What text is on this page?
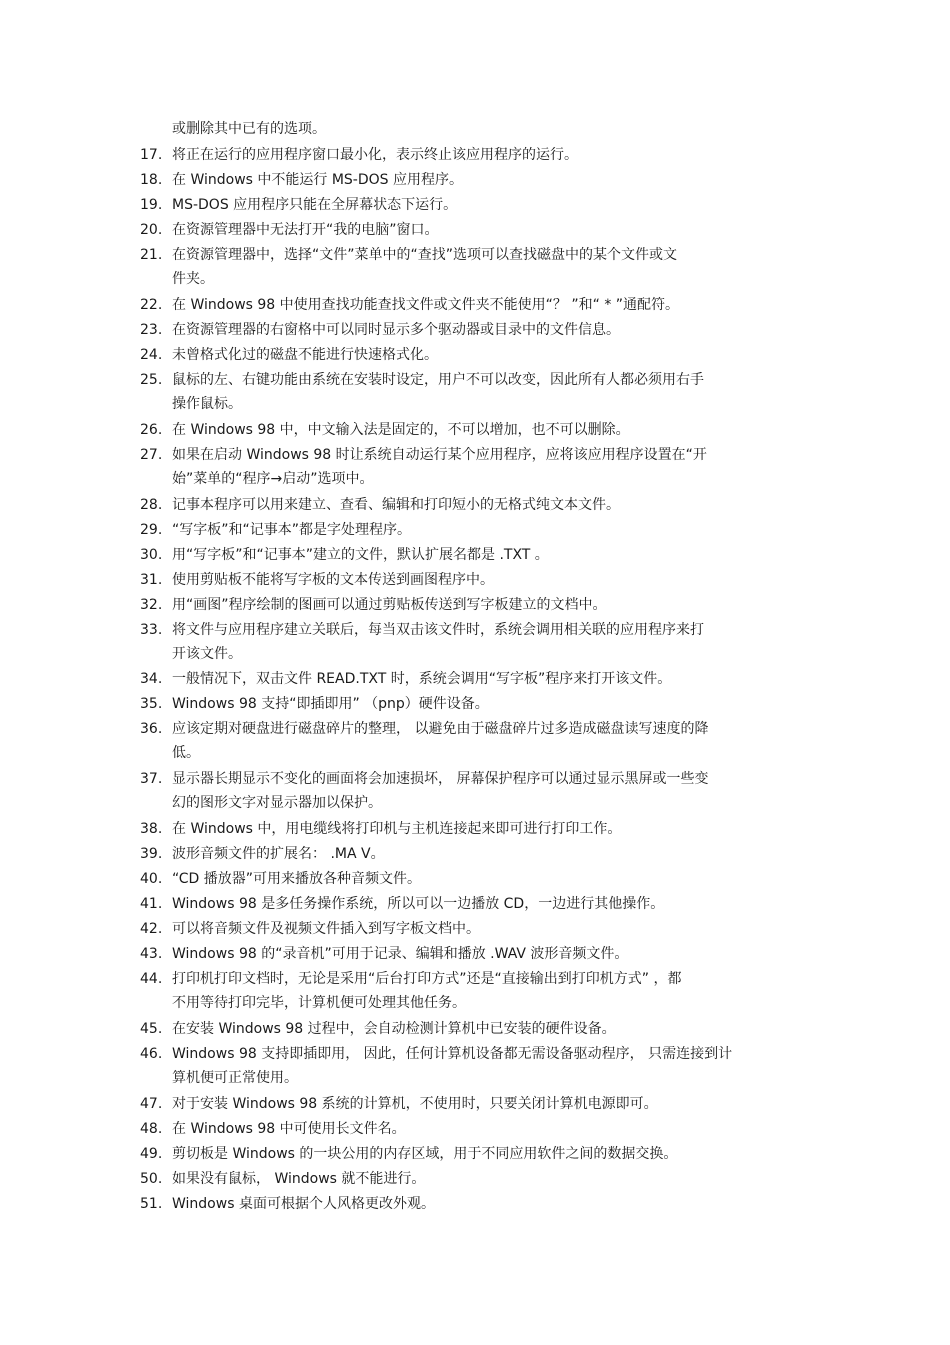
或删除其中已有的选项。
17. 将正在运行的应用程序窗口最小化，表示终止该应用程序的运行。
18. 在 Windows 中不能运行 MS-DOS 应用程序。
19. MS-DOS 应用程序只能在全屏幕状态下运行。
20. 在资源管理器中无法打开“我的电脑”窗口。
21. 在资源管理器中，选择“文件”菜单中的“查找”选项可以查找磁盘中的某个文件或文
件夹。
22. 在 Windows 98 中使用查找功能查找文件或文件夹不能使用“？ ”和“ * ”通配符。
23. 在资源管理器的右窗格中可以同时显示多个驱动器或目录中的文件信息。
24. 未曾格式化过的磁盘不能进行快速格式化。
25. 鼠标的左、右键功能由系统在安装时设定，用户不可以改变，因此所有人都必须用右手
操作鼠标。
26. 在 Windows 98 中，中文输入法是固定的，不可以增加，也不可以删除。
27. 如果在启动 Windows 98 时让系统自动运行某个应用程序，应将该应用程序设置在“开
始”菜单的“程序→启动”选项中。
28. 记事本程序可以用来建立、查看、编辑和打印短小的无格式纯文本文件。
29. “写字板”和“记事本”都是字处理程序。
30. 用“写字板”和“记事本”建立的文件，默认扩展名都是 .TXT 。
31. 使用剪贴板不能将写字板的文本传送到画图程序中。
32. 用“画图”程序绘制的图画可以通过剪贴板传送到写字板建立的文档中。
33. 将文件与应用程序建立关联后，每当双击该文件时，系统会调用相关联的应用程序来打
开该文件。
34. 一般情况下，双击文件 READ.TXT 时，系统会调用“写字板”程序来打开该文件。
35. Windows 98 支持“即插即用” （pnp）硬件设备。
36. 应该定期对硬盘进行磁盘碎片的整理， 以避免由于磁盘碎片过多造成磁盘读写速度的降
低。
37. 显示器长期显示不变化的画面将会加速损坏， 屏幕保护程序可以通过显示黑屏或一些变
幻的图形文字对显示器加以保护。
38. 在 Windows 中，用电缆线将打印机与主机连接起来即可进行打印工作。
39. 波形音频文件的扩展名： .MA V。
40. “CD 播放器”可用来播放各种音频文件。
41. Windows 98 是多任务操作系统，所以可以一边播放 CD，一边进行其他操作。
42. 可以将音频文件及视频文件插入到写字板文档中。
43. Windows 98 的“录音机”可用于记录、编辑和播放 .WAV 波形音频文件。
44. 打印机打印文档时，无论是采用“后台打印方式”还是“直接输出到打印机方式” ，都
不用等待打印完毕，计算机便可处理其他任务。
45. 在安装 Windows 98 过程中，会自动检测计算机中已安装的硬件设备。
46. Windows 98 支持即插即用， 因此，任何计算机设备都无需设备驱动程序， 只需连接到计
算机便可正常使用。
47. 对于安装 Windows 98 系统的计算机，不使用时，只要关闭计算机电源即可。
48. 在 Windows 98 中可使用长文件名。
49. 剪切板是 Windows 的一块公用的内存区域，用于不同应用软件之间的数据交换。
50. 如果没有鼠标， Windows 就不能进行。
51. Windows 桌面可根据个人风格更改外观。
